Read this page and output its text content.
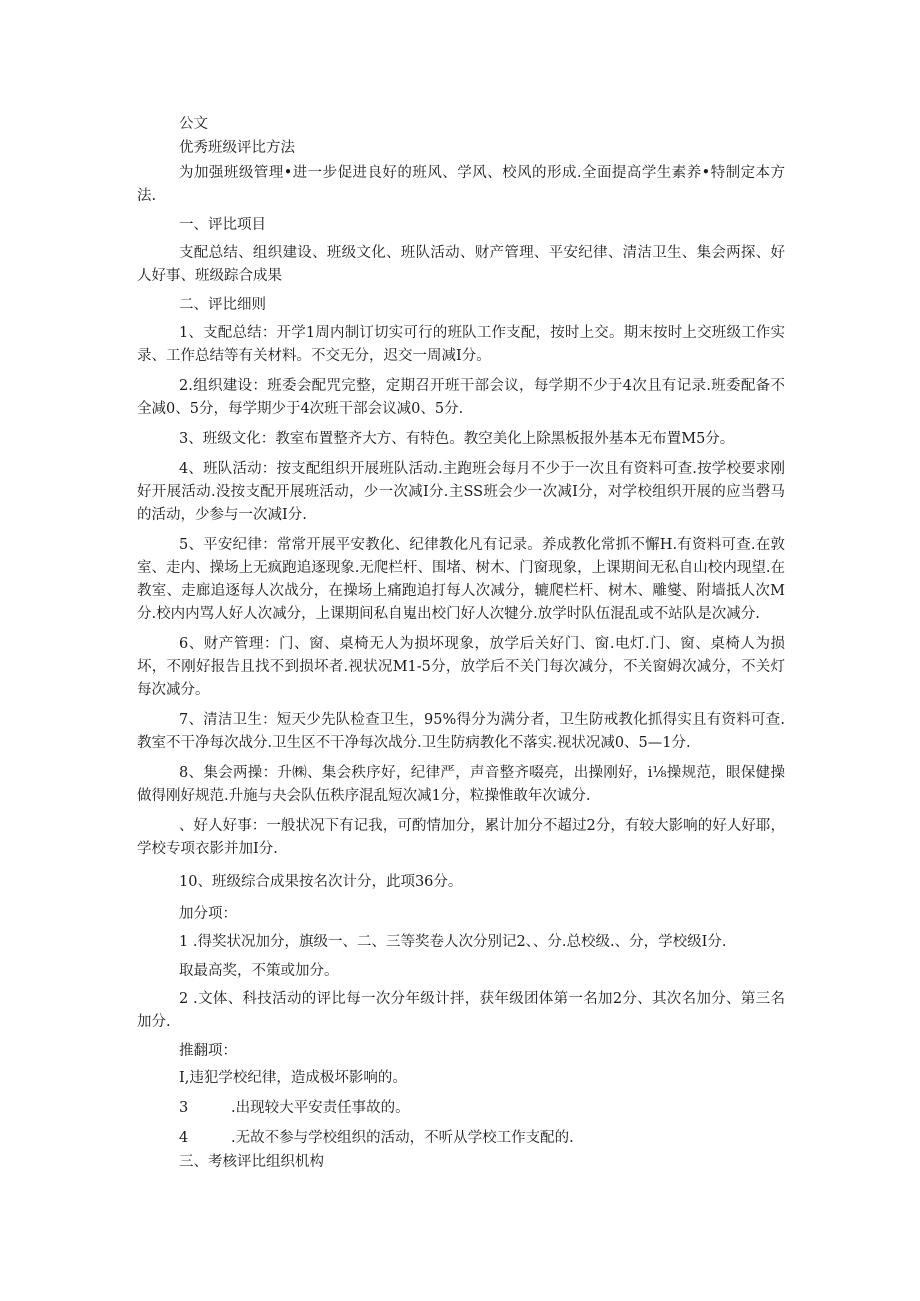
公文

优秀班级评比方法

为加强班级管理•进一步促进良好的班风、学风、校风的形成.全面提高学生素养•特制定本方法.

一、评比项目

支配总结、组织建设、班级文化、班队活动、财产管理、平安纪律、清洁卫生、集会两探、好人好事、班级踪合成果

二、评比细则

1、支配总结：开学1周内制订切实可行的班队工作支配，按时上交。期末按时上交班级工作实录、工作总结等有关材料。不交无分，迟交一周减I分。

2.组织建设：班委会配咒完整，定期召开班干部会议，每学期不少于4次且有记录.班委配备不全减0、5分，每学期少于4次班干部会议减0、5分.

3、班级文化：教室布置整齐大方、有特色。教空美化上除黑板报外基本无布置M5分。

4、班队活动：按支配组织开展班队活动.主跑班会每月不少于一次且有资料可查.按学校要求刚好开展活动.没按支配开展班活动，少一次减I分.主SS班会少一次减I分，对学校组织开展的应当磬马的活动，少参与一次减I分.

5、平安纪律：常常开展平安教化、纪律教化凡有记录。养成教化常抓不懈H.有资料可查.在敦室、走内、操场上无疯跑追逐现象.无爬栏杆、围堵、树木、门窗现象，上课期间无私自山校内现望.在教室、走廊追逐每人次战分，在操场上痛跑追打每人次减分，辘爬栏杆、树木、雕燮、附墙抵人次M分.校内内骂人好人次减分，上课期间私自嵬出校门好人次犍分.放学时队伍混乱或不站队是次减分.

6、财产管理：门、窗、桌椅无人为损坏现象，放学后关好门、窗.电灯.门、窗、桌椅人为损坏，不刚好报告且找不到损坏者.视状况M1-5分，放学后不关门每次减分，不关窗姆次减分，不关灯每次减分。

7、清洁卫生：短天少先队检查卫生，95%得分为满分者，卫生防戒教化抓得实且有资料可查.教室不干净每次战分.卫生区不干净每次战分.卫生防病教化不落实.视状况减0、5—1分.

8、集会两操：升㈱、集会秩序好，纪律严，声音整齐啜亮，出操刚好，i⅛操规范，眼保健操做得刚好规范.升施与夬会队伍秩序混乱短次减1分，粒操惟敢年次诚分.

、好人好事：一般状况下有记我，可酌情加分，累计加分不超过2分，有较大影响的好人好耶，学校专项衣影并加I分.

10、班级综合成果按名次计分，此项36分。

加分项：

1 .得奖状况加分，旗级一、二、三等奖卷人次分别记2、、分.总校级.、分，学校级I分.

取最高奖，不策或加分。

2 .文体、科技活动的评比每一次分年级计拌，获年级团体第一名加2分、其次名加分、第三名加分.

推翻项：

I,违犯学校纪律，造成极坏影响的。

3	.出现较大平安责任事故的。

4	.无故不参与学校组织的活动，不听从学校工作支配的.

三、考核评比组织机构
